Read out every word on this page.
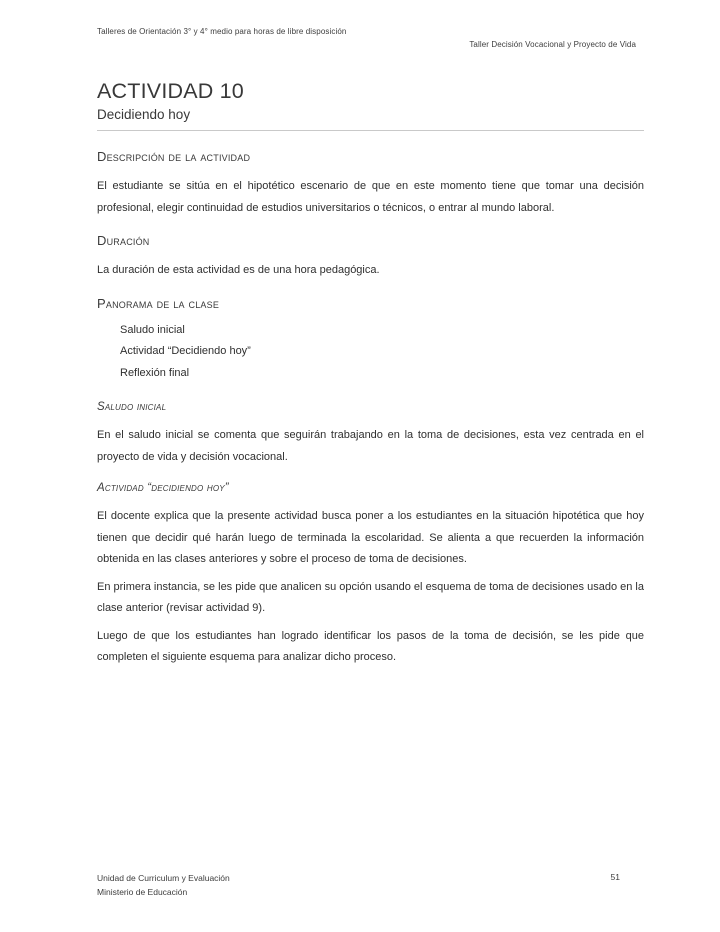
Talleres de Orientación 3° y 4° medio para horas de libre disposición
Taller Decisión Vocacional y Proyecto de Vida
ACTIVIDAD 10
Decidiendo hoy
Descripción de la actividad

El estudiante se sitúa en el hipotético escenario de que en este momento tiene que tomar una decisión profesional, elegir continuidad de estudios universitarios o técnicos, o entrar al mundo laboral.

Duración

La duración de esta actividad es de una hora pedagógica.

Panorama de la clase
Saludo inicial
Actividad “Decidiendo hoy”
Reflexión final
Saludo inicial

En el saludo inicial se comenta que seguirán trabajando en la toma de decisiones, esta vez centrada en el proyecto de vida y decisión vocacional.

Actividad “decidiendo hoy”

El docente explica que la presente actividad busca poner a los estudiantes en la situación hipotética que hoy tienen que decidir qué harán luego de terminada la escolaridad. Se alienta a que recuerden la información obtenida en las clases anteriores y sobre el proceso de toma de decisiones.

En primera instancia, se les pide que analicen su opción usando el esquema de toma de decisiones usado en la clase anterior (revisar actividad 9).

Luego de que los estudiantes han logrado identificar los pasos de la toma de decisión, se les pide que completen el siguiente esquema para analizar dicho proceso.

Unidad de Curriculum y Evaluación
Ministerio de Educación
51
